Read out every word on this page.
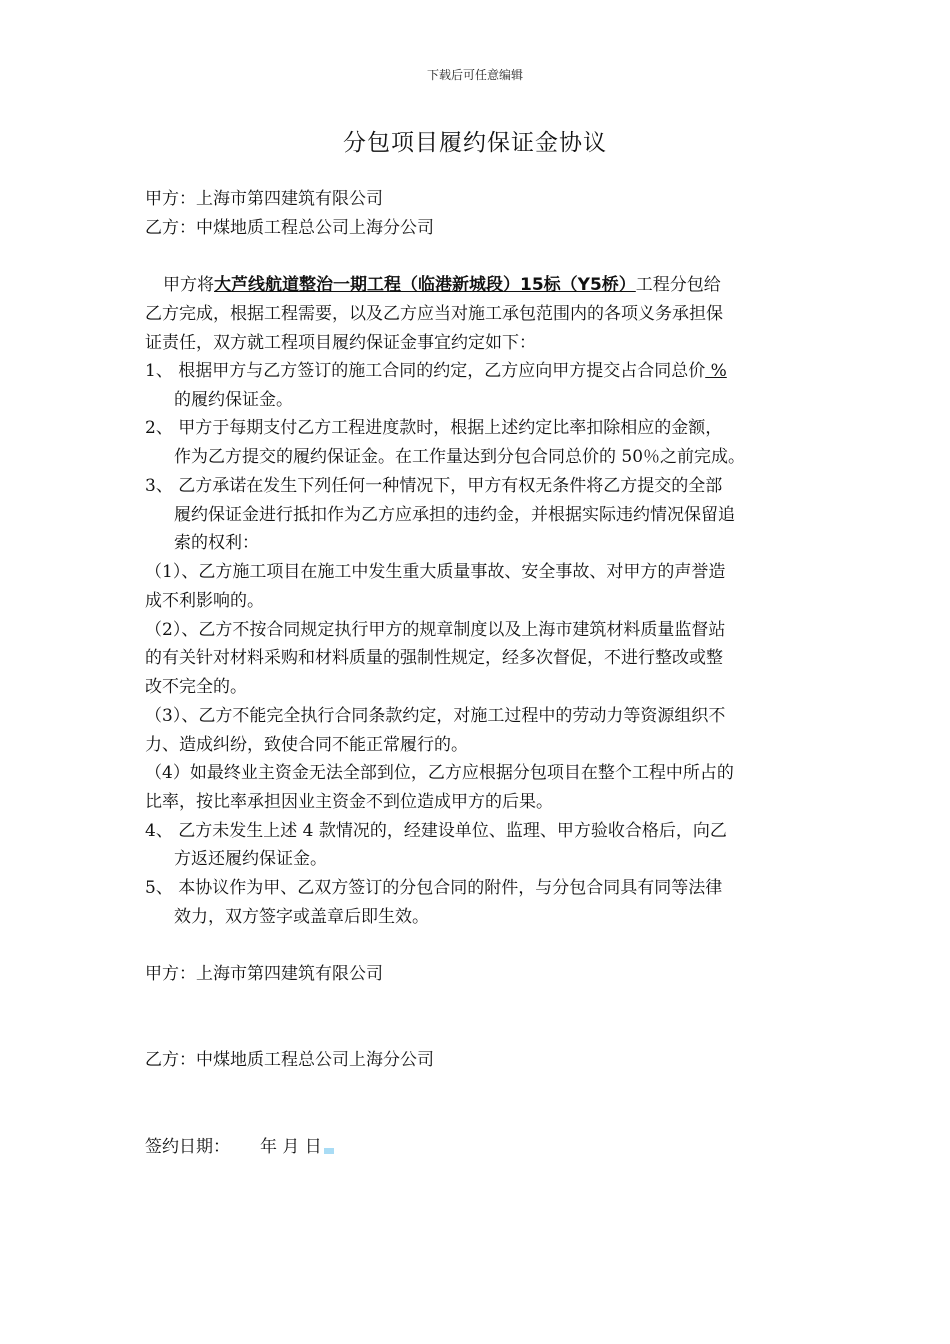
下载后可任意编辑
分包项目履约保证金协议
甲方：上海市第四建筑有限公司
乙方：中煤地质工程总公司上海分公司
甲方将大芦线航道整治一期工程（临港新城段）15标（Y5桥）工程分包给
乙方完成，根据工程需要，以及乙方应当对施工承包范围内的各项义务承担保
证责任，双方就工程项目履约保证金事宜约定如下：
1、 根据甲方与乙方签订的施工合同的约定，乙方应向甲方提交占合同总价 %
的履约保证金。
2、 甲方于每期支付乙方工程进度款时，根据上述约定比率扣除相应的金额，
作为乙方提交的履约保证金。在工作量达到分包合同总价的 50％之前完成。
3、 乙方承诺在发生下列任何一种情况下，甲方有权无条件将乙方提交的全部
履约保证金进行抵扣作为乙方应承担的违约金，并根据实际违约情况保留追
索的权利：
（1）、乙方施工项目在施工中发生重大质量事故、安全事故、对甲方的声誉造
成不利影响的。
（2）、乙方不按合同规定执行甲方的规章制度以及上海市建筑材料质量监督站
的有关针对材料采购和材料质量的强制性规定，经多次督促，不进行整改或整
改不完全的。
（3）、乙方不能完全执行合同条款约定，对施工过程中的劳动力等资源组织不
力、造成纠纷，致使合同不能正常履行的。
（4）如最终业主资金无法全部到位，乙方应根据分包项目在整个工程中所占的
比率，按比率承担因业主资金不到位造成甲方的后果。
4、 乙方未发生上述 4 款情况的，经建设单位、监理、甲方验收合格后，向乙
方返还履约保证金。
5、 本协议作为甲、乙双方签订的分包合同的附件，与分包合同具有同等法律
效力，双方签字或盖章后即生效。
甲方：上海市第四建筑有限公司
乙方：中煤地质工程总公司上海分公司
签约日期： 年 月 日
